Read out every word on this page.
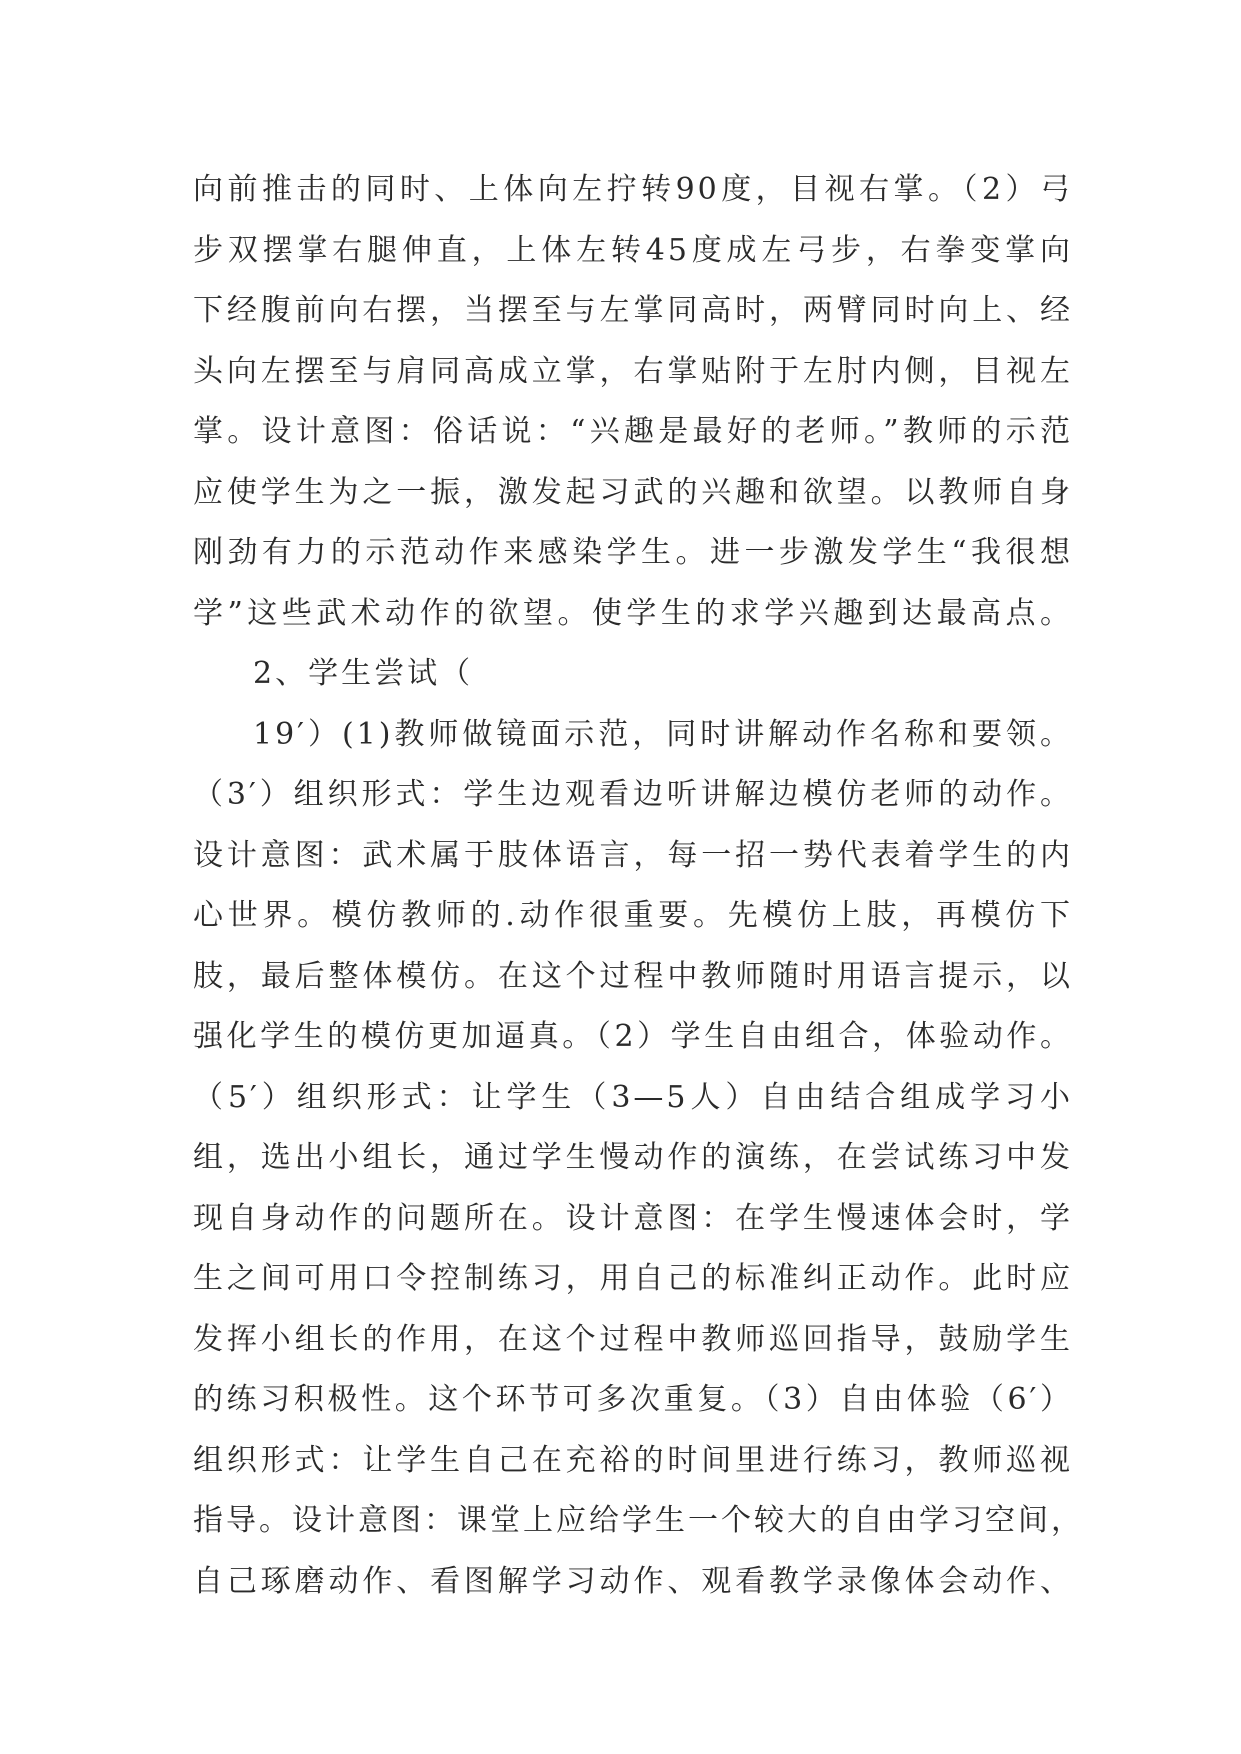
向前推击的同时、上体向左拧转90度，目视右掌。（2）弓
步双摆掌右腿伸直，上体左转45度成左弓步，右拳变掌向
下经腹前向右摆，当摆至与左掌同高时，两臂同时向上、经
头向左摆至与肩同高成立掌，右掌贴附于左肘内侧，目视左
掌。设计意图：俗话说：“兴趣是最好的老师。”教师的示范
应使学生为之一振，激发起习武的兴趣和欲望。以教师自身
刚劲有力的示范动作来感染学生。进一步激发学生“我很想
学”这些武术动作的欲望。使学生的求学兴趣到达最高点。
2、学生尝试（
19′）(1)教师做镜面示范，同时讲解动作名称和要领。
（3′）组织形式：学生边观看边听讲解边模仿老师的动作。
设计意图：武术属于肢体语言，每一招一势代表着学生的内
心世界。模仿教师的.动作很重要。先模仿上肢，再模仿下
肢，最后整体模仿。在这个过程中教师随时用语言提示，以
强化学生的模仿更加逼真。（2）学生自由组合，体验动作。
（5′）组织形式：让学生（3—5人）自由结合组成学习小
组，选出小组长，通过学生慢动作的演练，在尝试练习中发
现自身动作的问题所在。设计意图：在学生慢速体会时，学
生之间可用口令控制练习，用自己的标准纠正动作。此时应
发挥小组长的作用，在这个过程中教师巡回指导，鼓励学生
的练习积极性。这个环节可多次重复。（3）自由体验（6′）
组织形式：让学生自己在充裕的时间里进行练习，教师巡视
指导。设计意图：课堂上应给学生一个较大的自由学习空间，
自己琢磨动作、看图解学习动作、观看教学录像体会动作、
